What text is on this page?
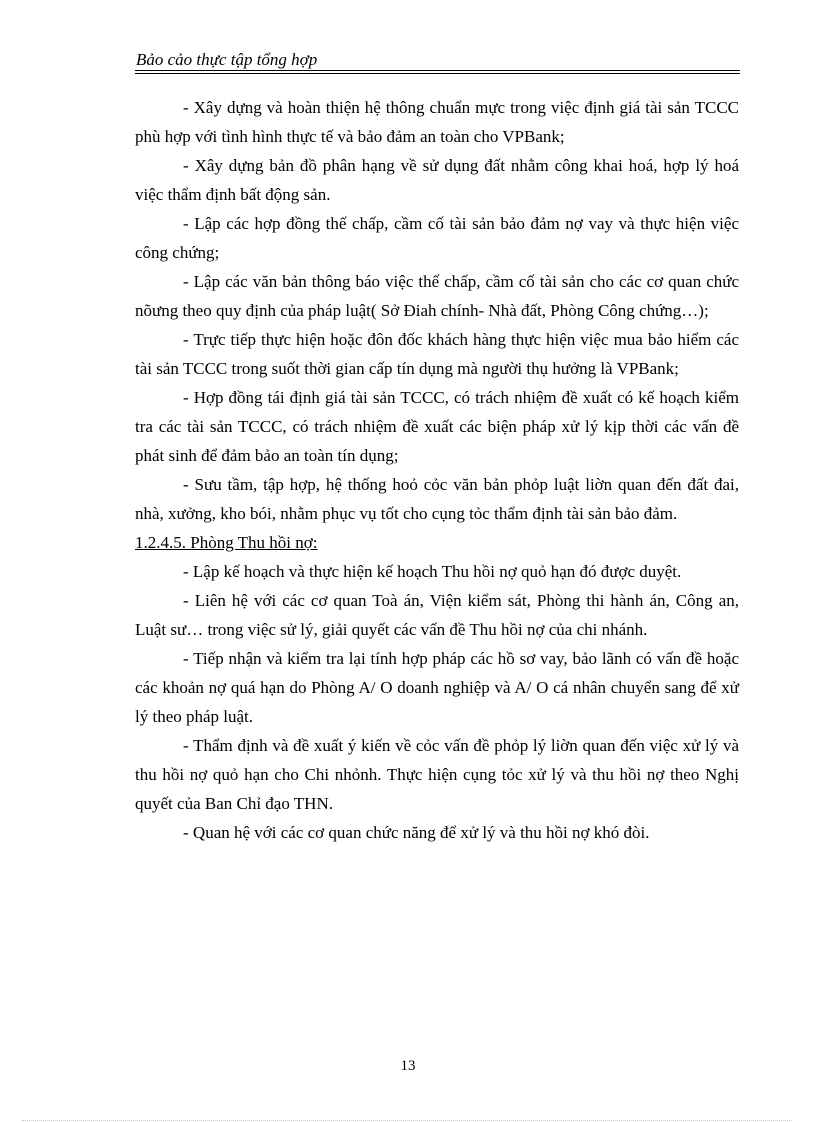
Bảo cảo thực tập tổng hợp

- Xây dựng và hoàn thiện hệ thông chuẩn mực trong việc định giá tài sản TCCC phù hợp với tình hình thực tế và bảo đảm an toàn cho VPBank;

- Xây dựng bản đồ phân hạng về sử dụng đất nhằm công khai hoá, hợp lý hoá việc thẩm định bất động sản.

- Lập các hợp đồng thế chấp, cầm cố tài sản bảo đảm nợ vay và thực hiện việc công chứng;

- Lập các văn bản thông báo việc thế chấp, cầm cố tài sản cho các cơ quan chức nõưng theo quy định của pháp luật( Sở Điah chính- Nhà đất, Phòng Công chứng…);

- Trực tiếp thực hiện hoặc đôn đốc khách hàng thực hiện việc mua bảo hiểm các tài sản TCCC trong suốt thời gian cấp tín dụng mà người thụ hưởng là VPBank;

- Hợp đồng tái định giá tài sản TCCC, có trách nhiệm đề xuất có kế hoạch kiểm tra các tài sản TCCC, có trách nhiệm đề xuất các biện pháp xử lý kịp thời các vấn đề phát sinh để đảm bảo an toàn tín dụng;

- Sưu tầm, tập hợp, hệ thống hoỏ cỏc văn bản phỏp luật liờn quan đến đất đai, nhà, xưởng, kho bói, nhằm phục vụ tốt cho cụng tỏc thẩm định tài sản bảo đảm.

1.2.4.5. Phòng Thu hồi nợ:

- Lập kế hoạch và thực hiện kế hoạch Thu hồi nợ quỏ hạn đó được duyệt.

- Liên hệ với các cơ quan Toà án, Viện kiểm sát, Phòng thi hành án, Công an, Luật sư… trong việc sử lý, giải quyết các vấn đề Thu hồi nợ của chi nhánh.

- Tiếp nhận và kiểm tra lại tính hợp pháp các hồ sơ vay, bảo lãnh có vấn đề hoặc các khoản nợ quá hạn do Phòng A/ O doanh nghiệp và A/ O cá nhân chuyển sang để xử lý theo pháp luật.

- Thẩm định và đề xuất ý kiến về cỏc vấn đề phỏp lý liờn quan đến việc xử lý và thu hồi nợ quỏ hạn cho Chi nhỏnh. Thực hiện cụng tỏc xử lý và thu hồi nợ theo Nghị quyết của Ban Chỉ đạo THN.

- Quan hệ với các cơ quan chức năng để xử lý và thu hồi nợ khó đòi.

13
